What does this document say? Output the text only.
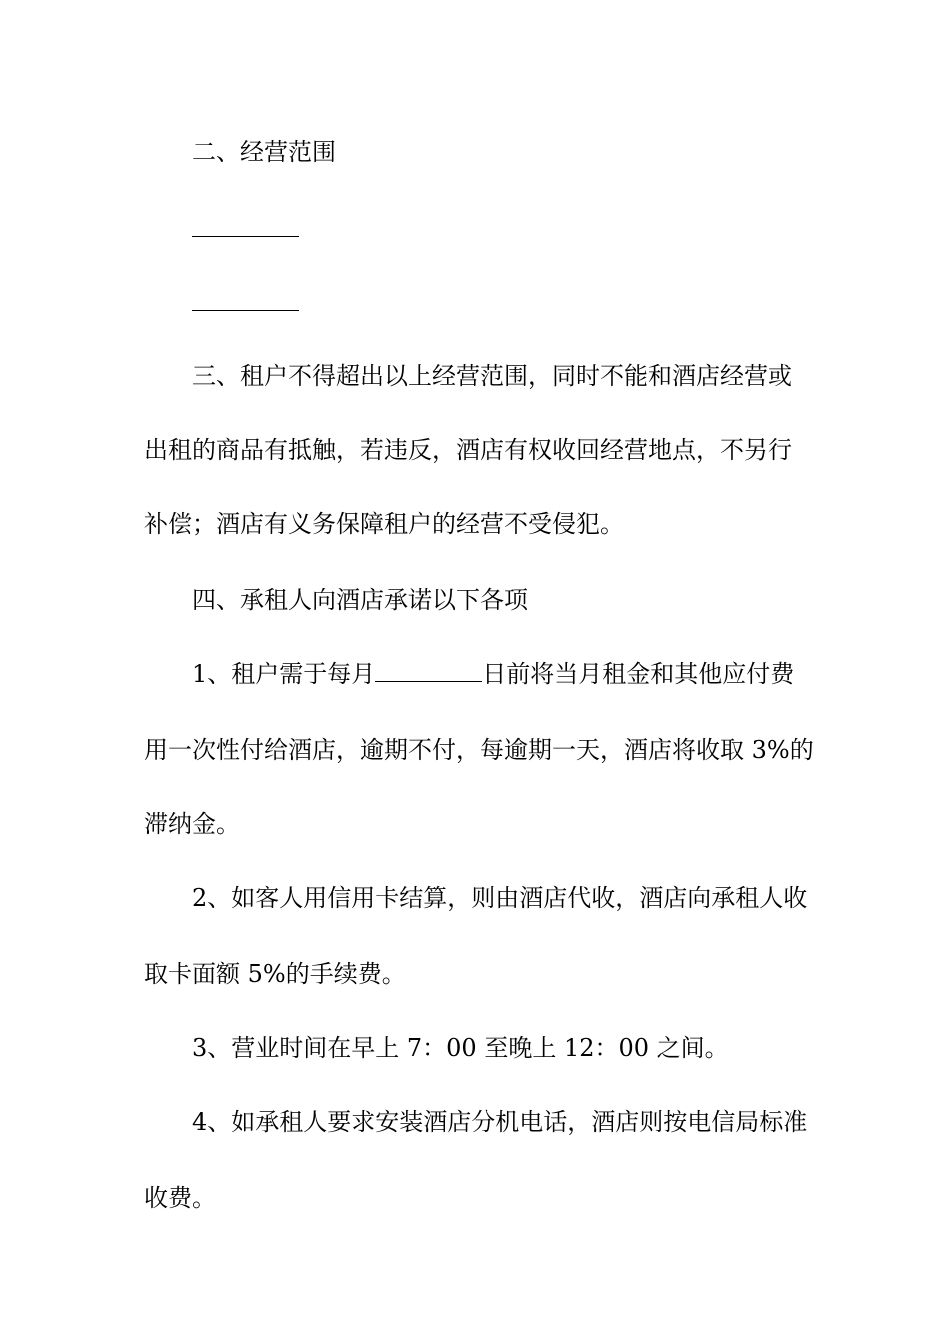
二、经营范围
三、租户不得超出以上经营范围，同时不能和酒店经营或
出租的商品有抵触，若违反，酒店有权收回经营地点，不另行
补偿；酒店有义务保障租户的经营不受侵犯。
四、承租人向酒店承诺以下各项
1、租户需于每月	日前将当月租金和其他应付费
用一次性付给酒店，逾期不付，每逾期一天，酒店将收取 3%的
滞纳金。
2、如客人用信用卡结算，则由酒店代收，酒店向承租人收
取卡面额 5%的手续费。
3、营业时间在早上 7：00 至晚上 12：00 之间。
4、如承租人要求安装酒店分机电话，酒店则按电信局标准
收费。
